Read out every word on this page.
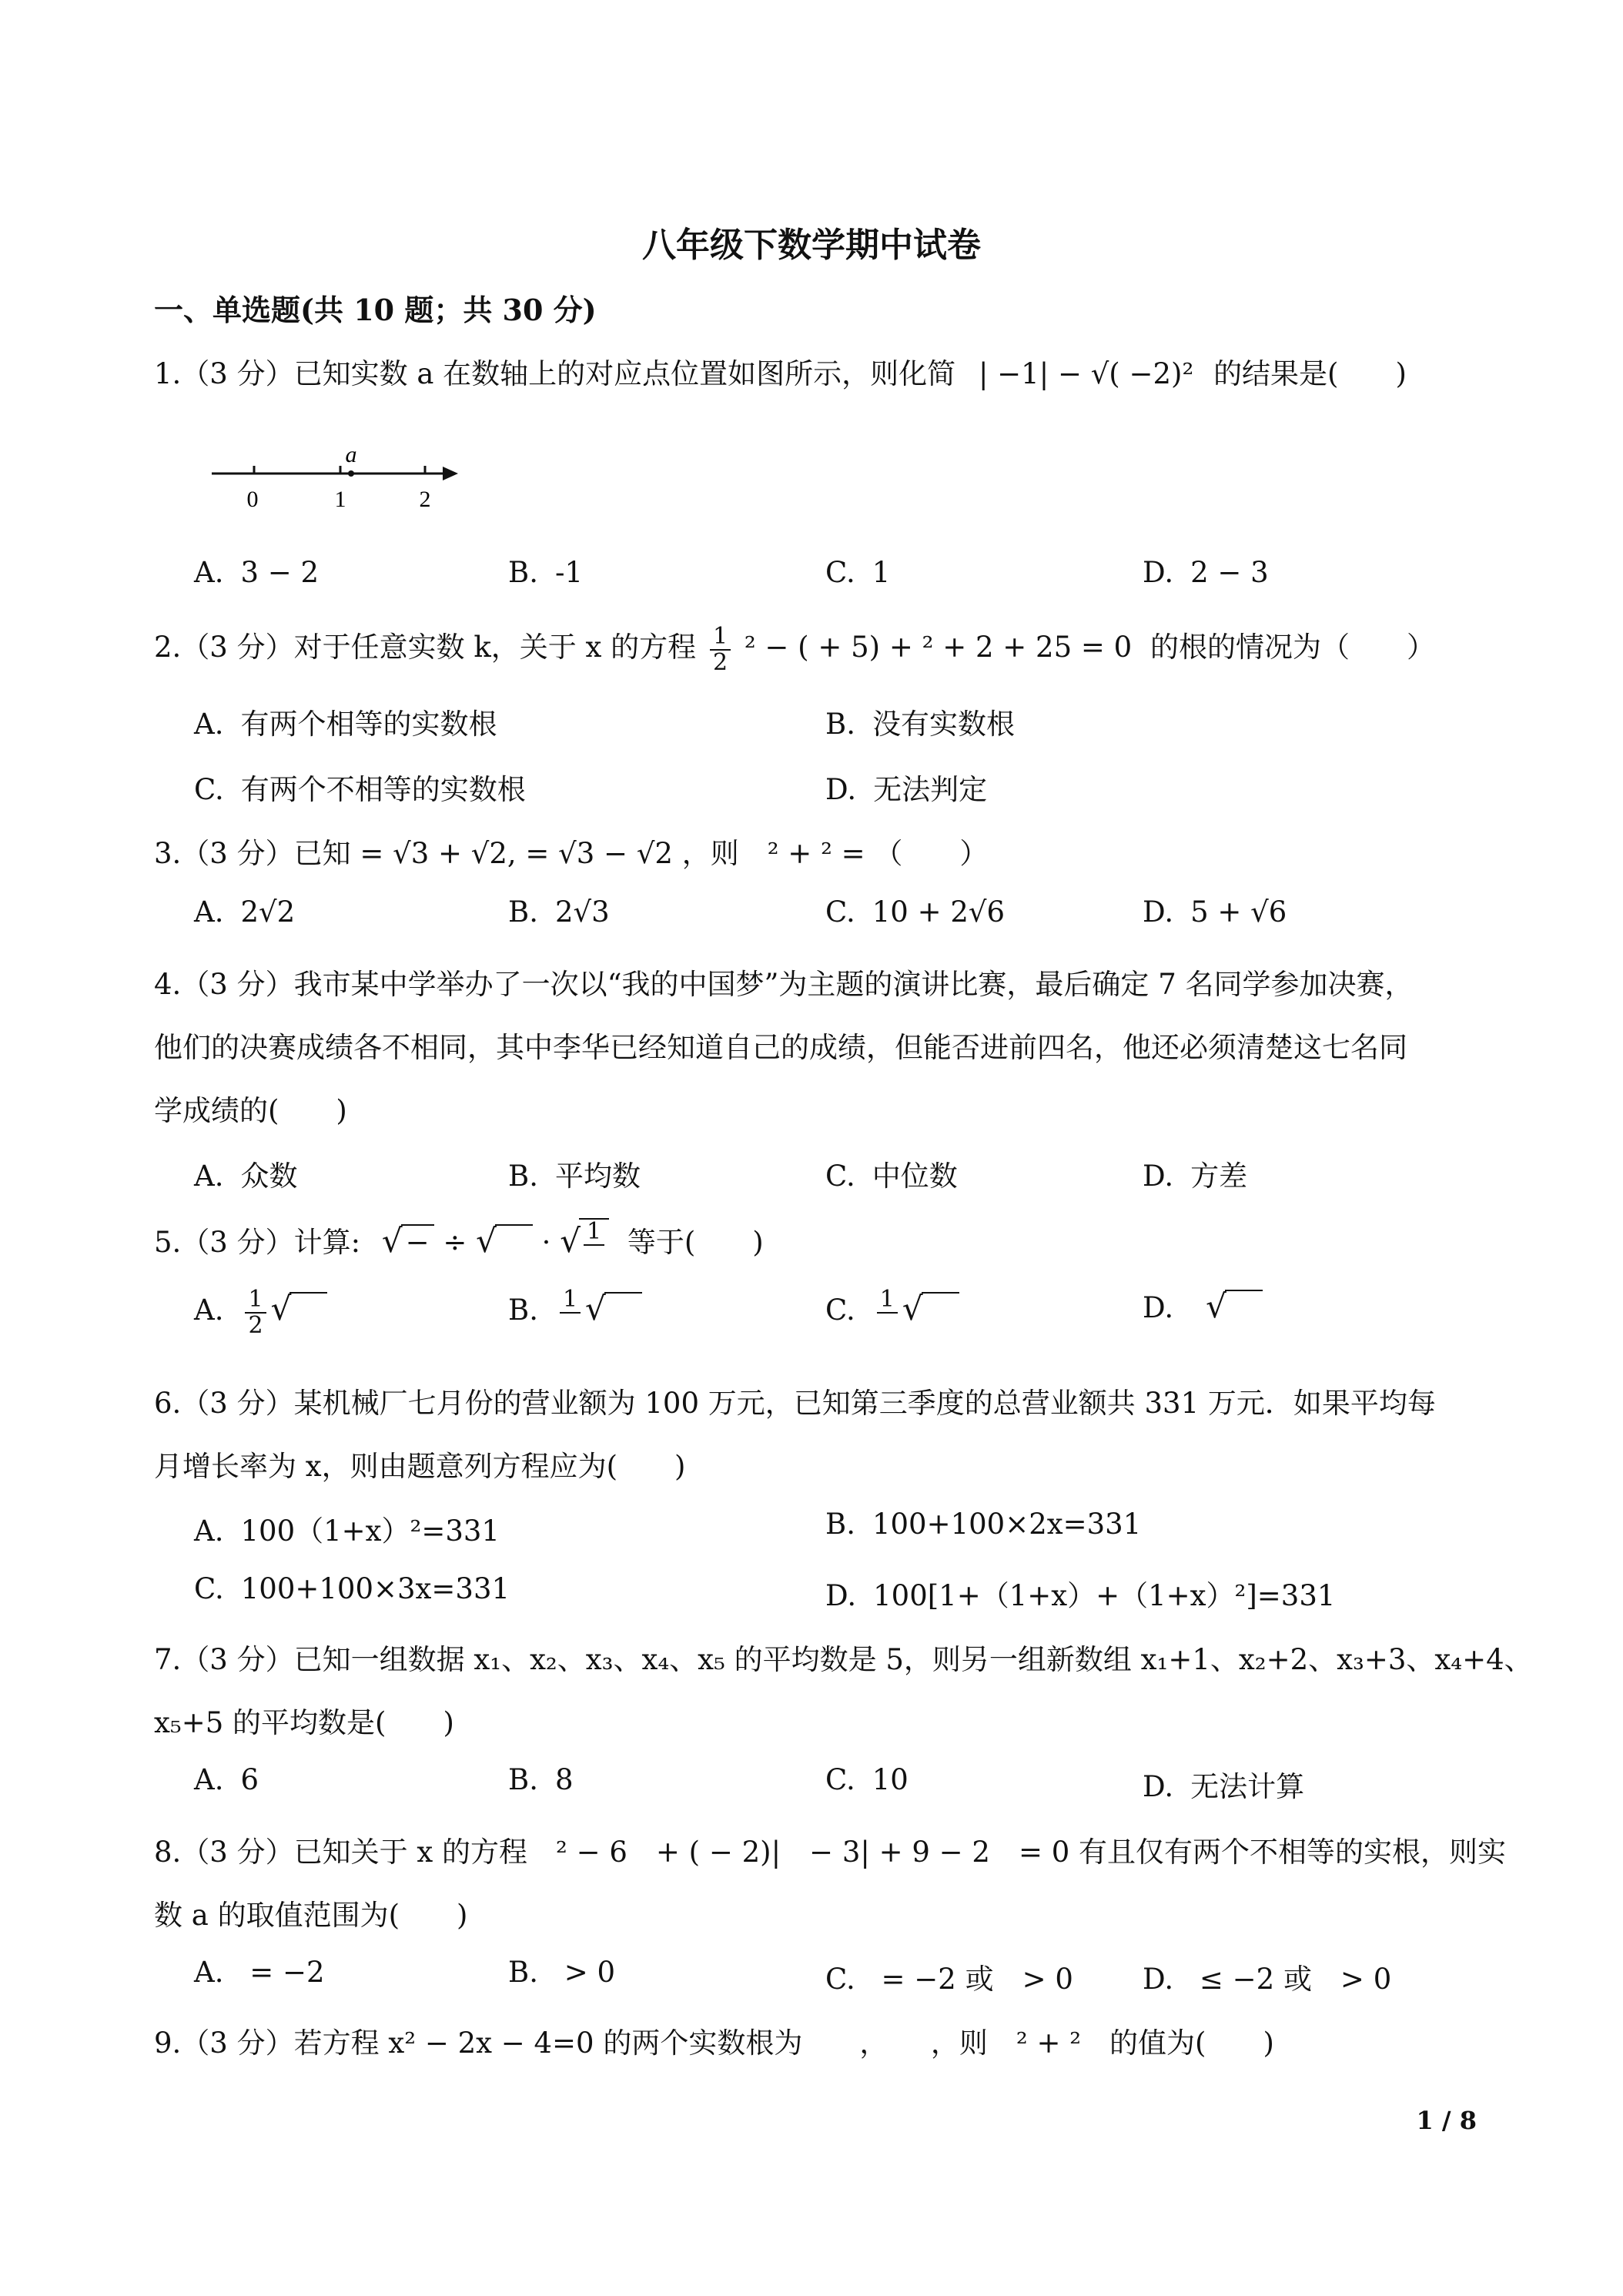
八年级下数学期中试卷
一、单选题(共 10 题；共 30 分)
1.（3 分）已知实数 a 在数轴上的对应点位置如图所示，则化简 | −1| − √( −2)² 的结果是(　　)
a
0	1	2
A. 3 − 2	B. -1	C. 1	D. 2 − 3
2.（3 分）对于任意实数 k，关于 x 的方程 $\frac{1}{2} ^2$ − ( + 5) + ² + 2 + 25 = 0 的根的情况为（　　）
A. 有两个相等的实数根	B. 没有实数根
C. 有两个不相等的实数根	D. 无法判定
3.（3 分）已知 = √3 + √2, = √3 − √2 ，则　² + ² = （　　）
A. 2√2	B. 2√3	C. 10 + 2√6	D. 5 + √6
4.（3 分）我市某中学举办了一次以“我的中国梦”为主题的演讲比赛，最后确定 7 名同学参加决赛，
他们的决赛成绩各不相同，其中李华已经知道自己的成绩，但能否进前四名，他还必须清楚这七名同
学成绩的(　　)
A. 众数	B. 平均数	C. 中位数	D. 方差
5.（3 分）计算: √ − ÷ √  · √ 1
  等于(　　)
A. $\frac{1}{2}$ √ 	B. 1
  √ 	C. 1
  √ 	D. √ 
6.（3 分）某机械厂七月份的营业额为 100 万元，已知第三季度的总营业额共 331 万元．如果平均每
月增长率为 x，则由题意列方程应为(　　)
A. 100（1+x）²=331	B. 100+100×2x=331
C. 100+100×3x=331	D. 100[1+（1+x）+（1+x）²]=331
7.（3 分）已知一组数据 x₁、x₂、x₃、x₄、x₅ 的平均数是 5，则另一组新数组 x₁+1、x₂+2、x₃+3、x₄+4、
x₅+5 的平均数是(　　)
A. 6	B. 8	C. 10	D. 无法计算
8.（3 分）已知关于 x 的方程　² − 6　+ ( − 2)|　− 3| + 9 − 2　= 0 有且仅有两个不相等的实根，则实
数 a 的取值范围为(　　)
A. = −2	B. > 0	C. = −2 或　> 0 D. ≤ −2 或　> 0
9.（3 分）若方程 x² − 2x − 4=0 的两个实数根为　　，　　，则　² + ²　的值为(　　)
1 / 8
